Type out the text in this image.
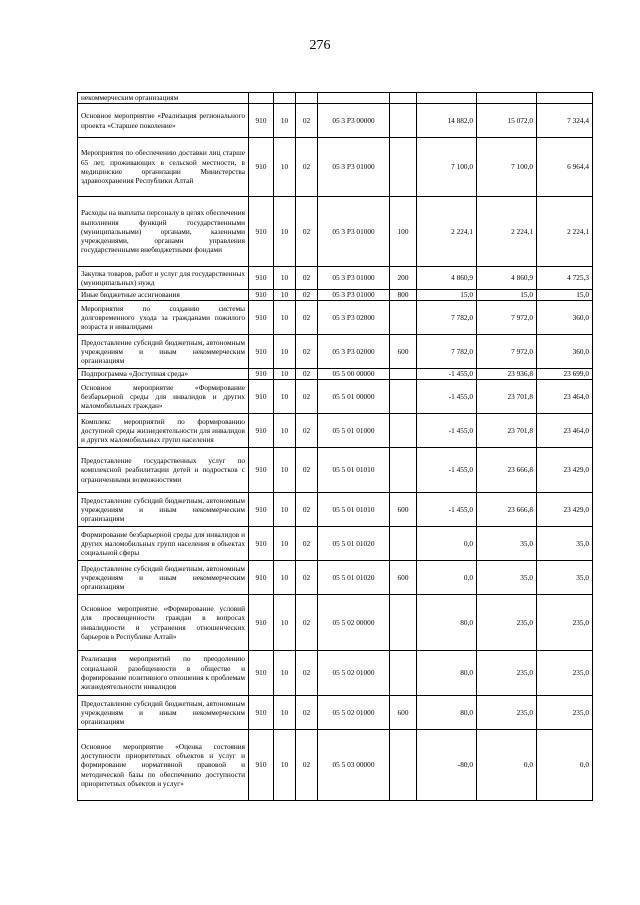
276
некоммерческим организациям								
Основное мероприятие «Реализация регионального проекта «Старшее поколение»	910	10	02	05 3 P3 00000		14 882,0	15 072,0	7 324,4
Мероприятия по обеспечению доставки лиц старше 65 лет, проживающих в сельской местности, в медицинские организации Министерства здравоохранения Республики Алтай	910	10	02	05 3 P3 01000		7 100,0	7 100,0	6 964,4
Расходы на выплаты персоналу в целях обеспечения выполнения функций государственными (муниципальными) органами, казенными учреждениями, органами управления государственными внебюджетными фондами	910	10	02	05 3 P3 01000	100	2 224,1	2 224,1	2 224,1
Закупка товаров, работ и услуг для государственных (муниципальных) нужд	910	10	02	05 3 P3 01000	200	4 860,9	4 860,9	4 725,3
Иные бюджетные ассигнования	910	10	02	05 3 P3 01000	800	15,0	15,0	15,0
Мероприятия по созданию системы долговременного ухода за гражданами пожилого возраста и инвалидами	910	10	02	05 3 P3 02000		7 782,0	7 972,0	360,0
Предоставление субсидий бюджетным, автономным учреждениям и иным некоммерческим организациям	910	10	02	05 3 P3 02000	600	7 782,0	7 972,0	360,0
Подпрограмма «Доступная среда»	910	10	02	05 5 00 00000		-1 455,0	23 936,8	23 699,0
Основное мероприятие «Формирование безбарьерной среды для инвалидов и других маломобильных граждан»	910	10	02	05 5 01 00000		-1 455,0	23 701,8	23 464,0
Комплекс мероприятий по формированию доступной среды жизнедеятельности для инвалидов и других маломобильных групп населения	910	10	02	05 5 01 01000		-1 455,0	23 701,8	23 464,0
Предоставление государственных услуг по комплексной реабилитации детей и подростков с ограниченными возможностями	910	10	02	05 5 01 01010		-1 455,0	23 666,8	23 429,0
Предоставление субсидий бюджетным, автономным учреждениям и иным некоммерческим организациям	910	10	02	05 5 01 01010	600	-1 455,0	23 666,8	23 429,0
Формирование безбарьерной среды для инвалидов и других маломобильных групп населения в объектах социальной сферы	910	10	02	05 5 01 01020		0,0	35,0	35,0
Предоставление субсидий бюджетным, автономным учреждениям и иным некоммерческим организациям	910	10	02	05 5 01 01020	600	0,0	35,0	35,0
Основное мероприятие «Формирование условий для просвещенности граждан в вопросах инвалидности и устранения отношенческих барьеров в Республике Алтай»	910	10	02	05 5 02 00000		80,0	235,0	235,0
Реализация мероприятий по преодолению социальной разобщенности в обществе и формирование позитивного отношения к проблемам жизнедеятельности инвалидов	910	10	02	05 5 02 01000		80,0	235,0	235,0
Предоставление субсидий бюджетным, автономным учреждениям и иным некоммерческим организациям	910	10	02	05 5 02 01000	600	80,0	235,0	235,0
Основное мероприятие «Оценка состояния доступности приоритетных объектов и услуг и формирование нормативной правовой и методической базы по обеспечению доступности приоритетных объектов и услуг»	910	10	02	05 5 03 00000		-80,0	0,0	0,0
